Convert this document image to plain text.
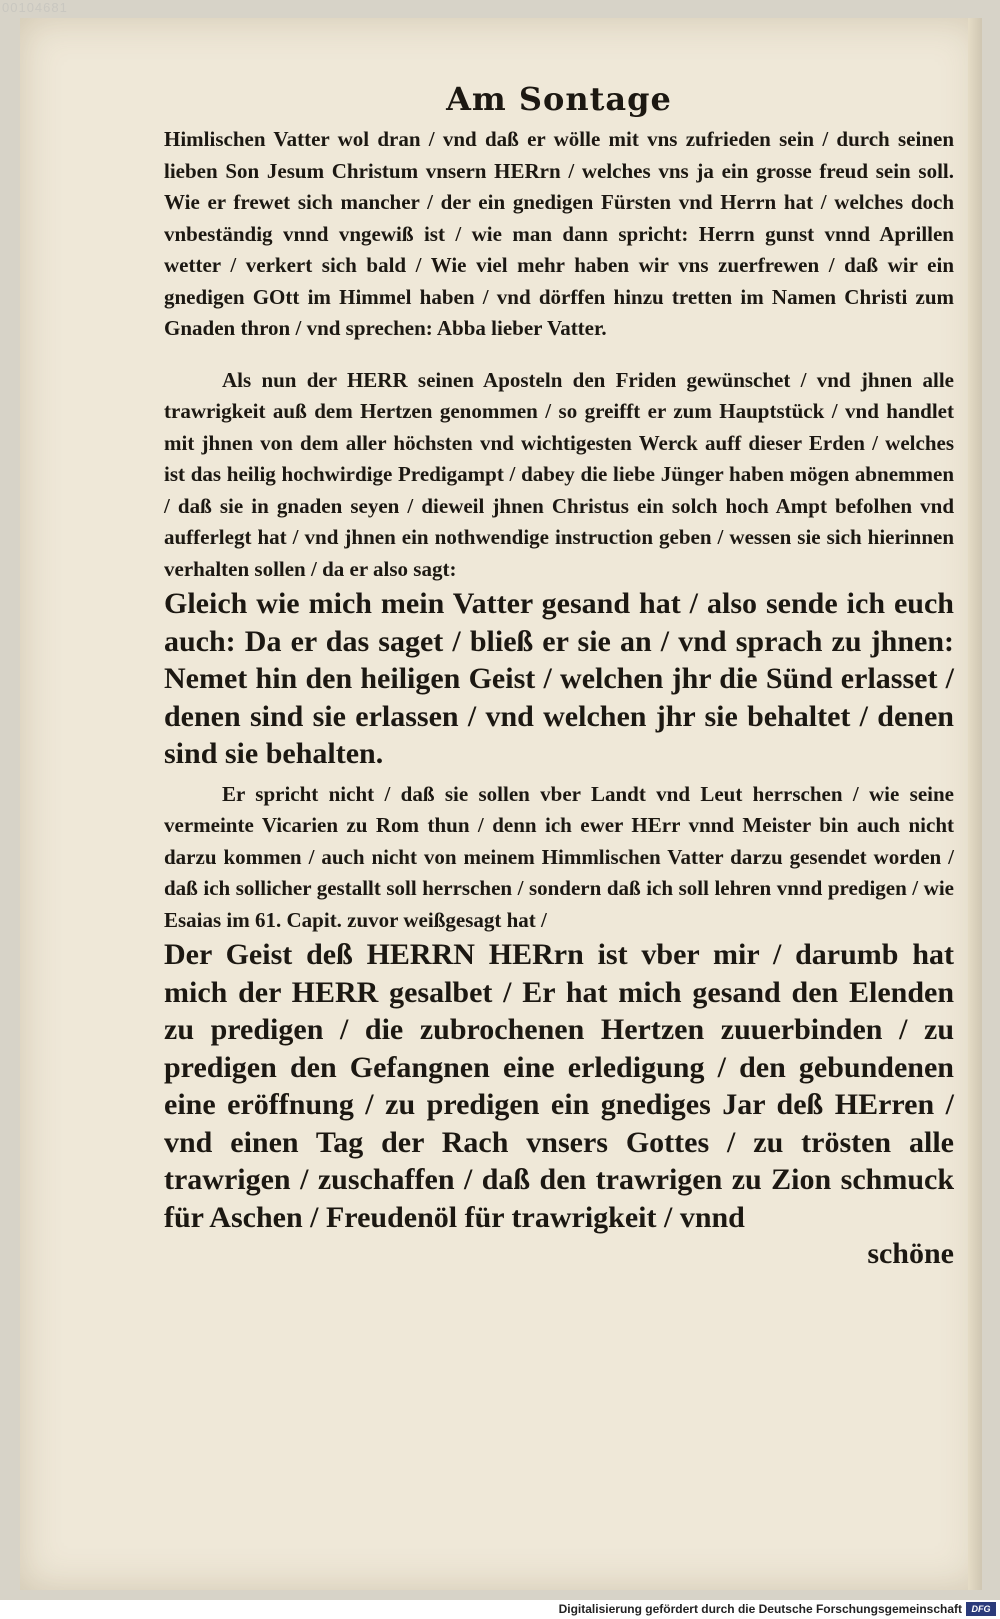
00104681
Am Sontage

Himlischen Vatter wol dran / vnd daß er wölle mit vns zufrieden sein / durch seinen lieben Son Jesum Christum vnsern HERrn / welches vns ja ein grosse freud sein soll. Wie er frewet sich mancher / der ein gnedigen Fürsten vnd Herrn hat / welches doch vnbeständig vnnd vngewiß ist / wie man dann spricht: Herrn gunst vnnd Aprillen wetter / verkert sich bald / Wie viel mehr haben wir vns zuerfrewen / daß wir ein gnedigen GOtt im Himmel haben / vnd dörffen hinzu tretten im Namen Christi zum Gnaden thron / vnd sprechen: Abba lieber Vatter.

Als nun der HERR seinen Aposteln den Friden gewünschet / vnd jhnen alle trawrigkeit auß dem Hertzen genommen / so greifft er zum Hauptstück / vnd handlet mit jhnen von dem aller höchsten vnd wichtigesten Werck auff dieser Erden / welches ist das heilig hochwirdige Predigampt / dabey die liebe Jünger haben mögen abnemmen / daß sie in gnaden seyen / dieweil jhnen Christus ein solch hoch Ampt befolhen vnd aufferlegt hat / vnd jhnen ein nothwendige instruction geben / wessen sie sich hierinnen verhalten sollen / da er also sagt:

Gleich wie mich mein Vatter gesand hat / also sende ich euch auch: Da er das saget / bließ er sie an / vnd sprach zu jhnen: Nemet hin den heiligen Geist / welchen jhr die Sünd erlasset / denen sind sie erlassen / vnd welchen jhr sie behaltet / denen sind sie behalten.

Er spricht nicht / daß sie sollen vber Landt vnd Leut herrschen / wie seine vermeinte Vicarien zu Rom thun / denn ich ewer HErr vnnd Meister bin auch nicht darzu kommen / auch nicht von meinem Himmlischen Vatter darzu gesendet worden / daß ich sollicher gestallt soll herrschen / sondern daß ich soll lehren vnnd predigen / wie Esaias im 61. Capit. zuvor weißgesagt hat /

Der Geist deß HERRN HERrn ist vber mir / darumb hat mich der HERR gesalbet / Er hat mich gesand den Elenden zu predigen / die zubrochenen Hertzen zuuerbinden / zu predigen den Gefangnen eine erledigung / den gebundenen eine eröffnung / zu predigen ein gnediges Jar deß HErren / vnd einen Tag der Rach vnsers Gottes / zu trösten alle trawrigen / zuschaffen / daß den trawrigen zu Zion schmuck für Aschen / Freudenöl für trawrigkeit / vnnd

schöne

Digitalisierung gefördert durch die Deutsche Forschungsgemeinschaft	DFG
